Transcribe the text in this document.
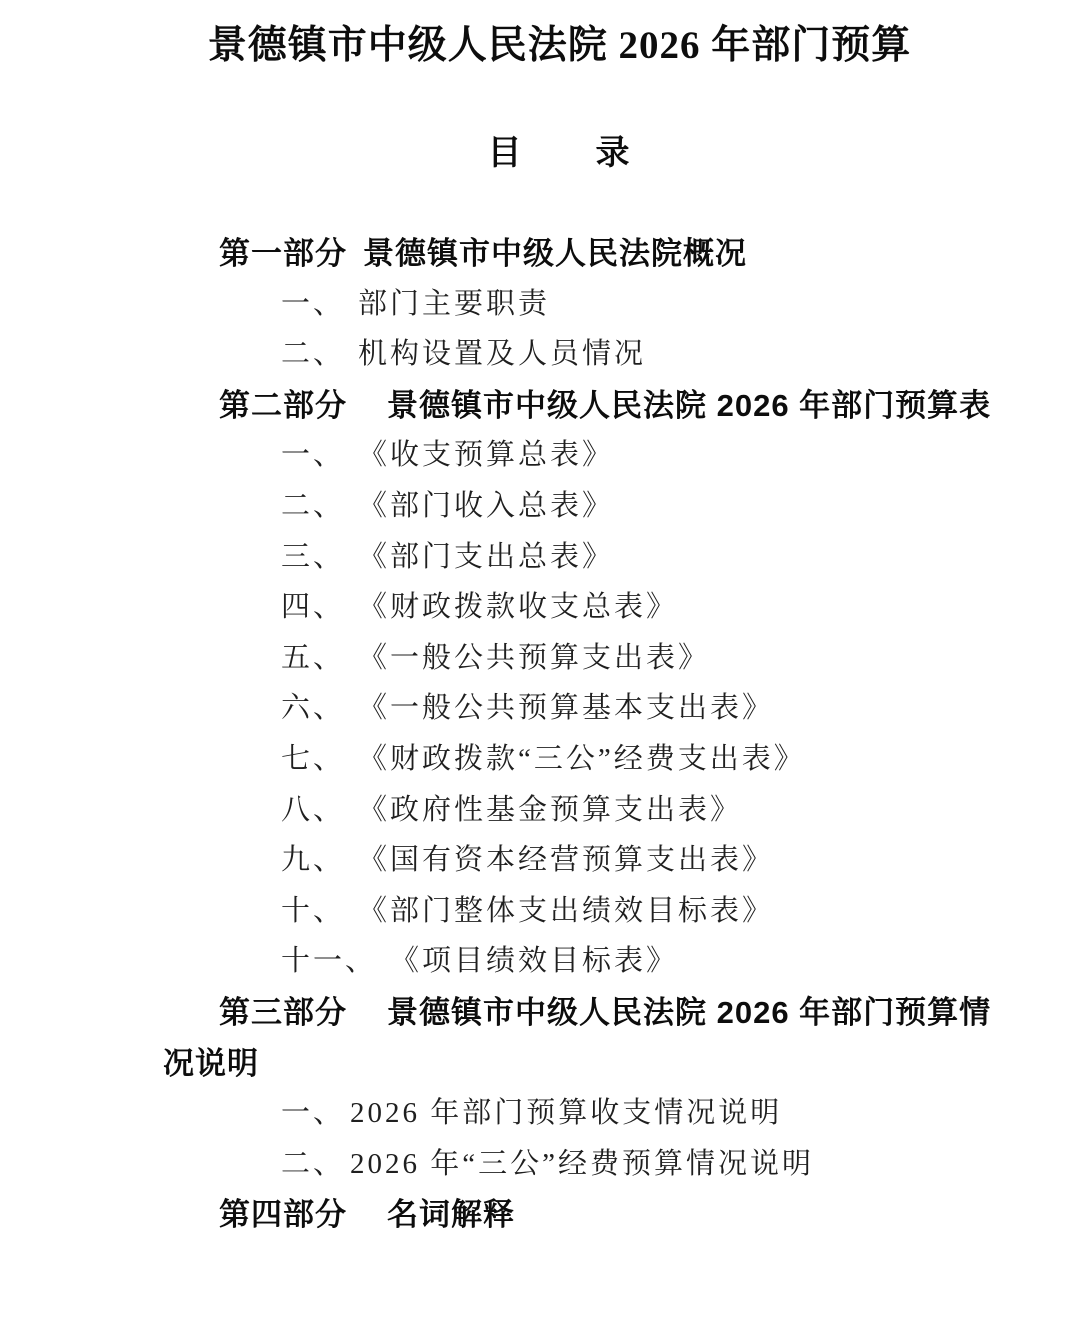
景德镇市中级人民法院 2026 年部门预算
目　　录
第一部分 景德镇市中级人民法院概况
一、 部门主要职责
二、 机构设置及人员情况
第二部分 景德镇市中级人民法院 2026 年部门预算表
一、 《收支预算总表》
二、 《部门收入总表》
三、 《部门支出总表》
四、 《财政拨款收支总表》
五、 《一般公共预算支出表》
六、 《一般公共预算基本支出表》
七、 《财政拨款“三公”经费支出表》
八、 《政府性基金预算支出表》
九、 《国有资本经营预算支出表》
十、 《部门整体支出绩效目标表》
十一、 《项目绩效目标表》
第三部分 景德镇市中级人民法院 2026 年部门预算情
况说明
一、 2026 年部门预算收支情况说明
二、 2026 年“三公”经费预算情况说明
第四部分 名词解释
